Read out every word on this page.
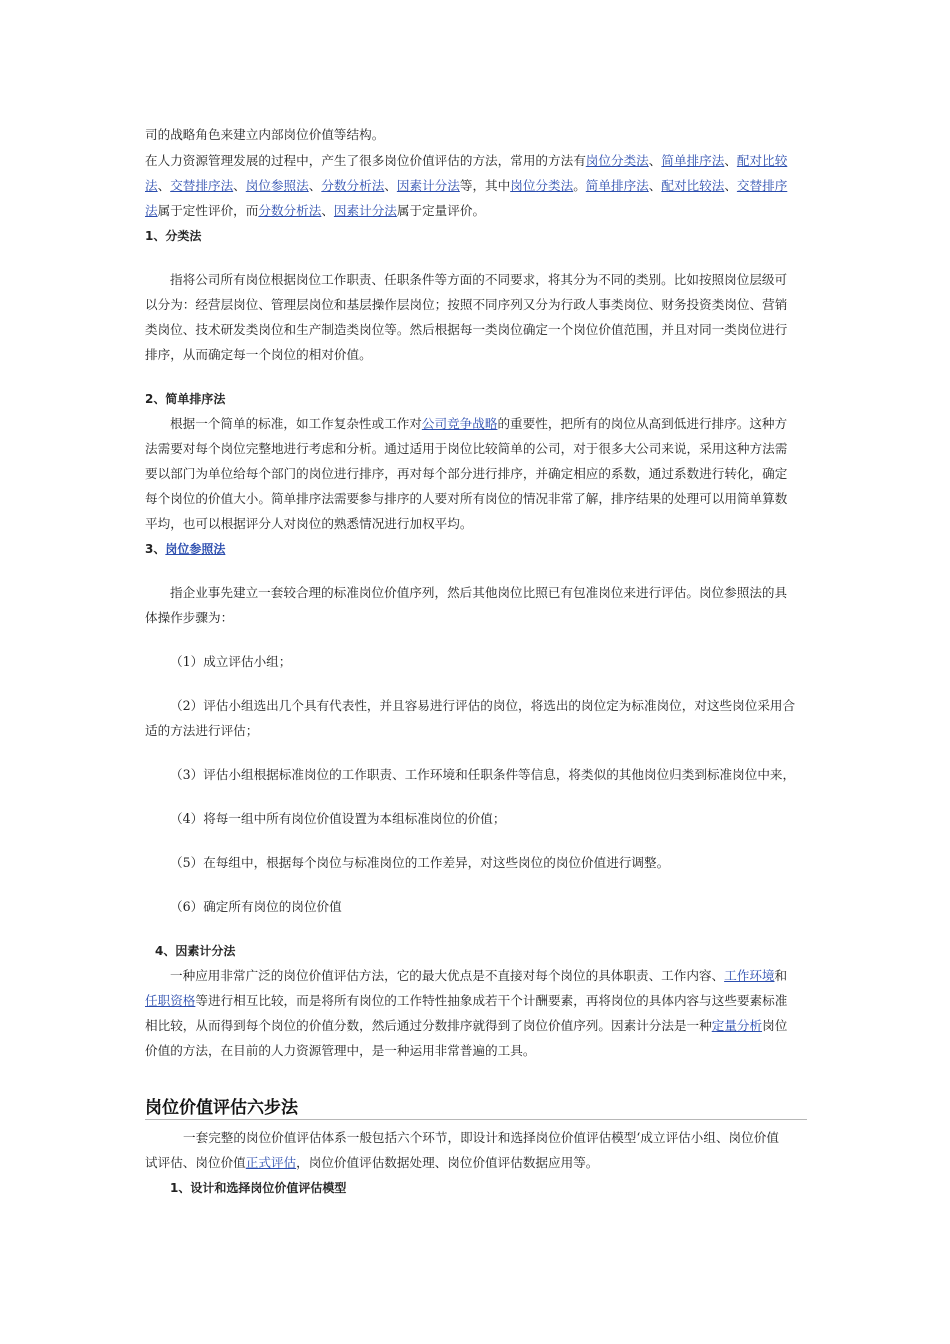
司的战略角色来建立内部岗位价值等结构。
在人力资源管理发展的过程中，产生了很多岗位价值评估的方法，常用的方法有岗位分类法、简单排序法、配对比较
法、交替排序法、岗位参照法、分数分析法、因素计分法等，其中岗位分类法。简单排序法、配对比较法、交替排序
法属于定性评价，而分数分析法、因素计分法属于定量评价。
1、分类法
指将公司所有岗位根据岗位工作职责、任职条件等方面的不同要求，将其分为不同的类别。比如按照岗位层级可
以分为：经营层岗位、管理层岗位和基层操作层岗位；按照不同序列又分为行政人事类岗位、财务投资类岗位、营销
类岗位、技术研发类岗位和生产制造类岗位等。然后根据每一类岗位确定一个岗位价值范围，并且对同一类岗位进行
排序，从而确定每一个岗位的相对价值。
2、简单排序法
根据一个简单的标准，如工作复杂性或工作对公司竞争战略的重要性，把所有的岗位从高到低进行排序。这种方
法需要对每个岗位完整地进行考虑和分析。通过适用于岗位比较简单的公司，对于很多大公司来说，采用这种方法需
要以部门为单位给每个部门的岗位进行排序，再对每个部分进行排序，并确定相应的系数，通过系数进行转化，确定
每个岗位的价值大小。简单排序法需要参与排序的人要对所有岗位的情况非常了解，排序结果的处理可以用简单算数
平均，也可以根据评分人对岗位的熟悉情况进行加权平均。
3、岗位参照法
指企业事先建立一套较合理的标准岗位价值序列，然后其他岗位比照已有包准岗位来进行评估。岗位参照法的具
体操作步骤为：
（1）成立评估小组；
（2）评估小组选出几个具有代表性，并且容易进行评估的岗位，将选出的岗位定为标准岗位，对这些岗位采用合
适的方法进行评估；
（3）评估小组根据标准岗位的工作职责、工作环境和任职条件等信息，将类似的其他岗位归类到标准岗位中来，
（4）将每一组中所有岗位价值设置为本组标准岗位的价值；
（5）在每组中，根据每个岗位与标准岗位的工作差异，对这些岗位的岗位价值进行调整。
（6）确定所有岗位的岗位价值
4、因素计分法
一种应用非常广泛的岗位价值评估方法，它的最大优点是不直接对每个岗位的具体职责、工作内容、工作环境和
任职资格等进行相互比较，而是将所有岗位的工作特性抽象成若干个计酬要素，再将岗位的具体内容与这些要素标准
相比较，从而得到每个岗位的价值分数，然后通过分数排序就得到了岗位价值序列。因素计分法是一种定量分析岗位
价值的方法，在目前的人力资源管理中，是一种运用非常普遍的工具。
岗位价值评估六步法
一套完整的岗位价值评估体系一般包括六个环节，即设计和选择岗位价值评估模型‘成立评估小组、岗位价值
试评估、岗位价值正式评估，岗位价值评估数据处理、岗位价值评估数据应用等。
1、设计和选择岗位价值评估模型
